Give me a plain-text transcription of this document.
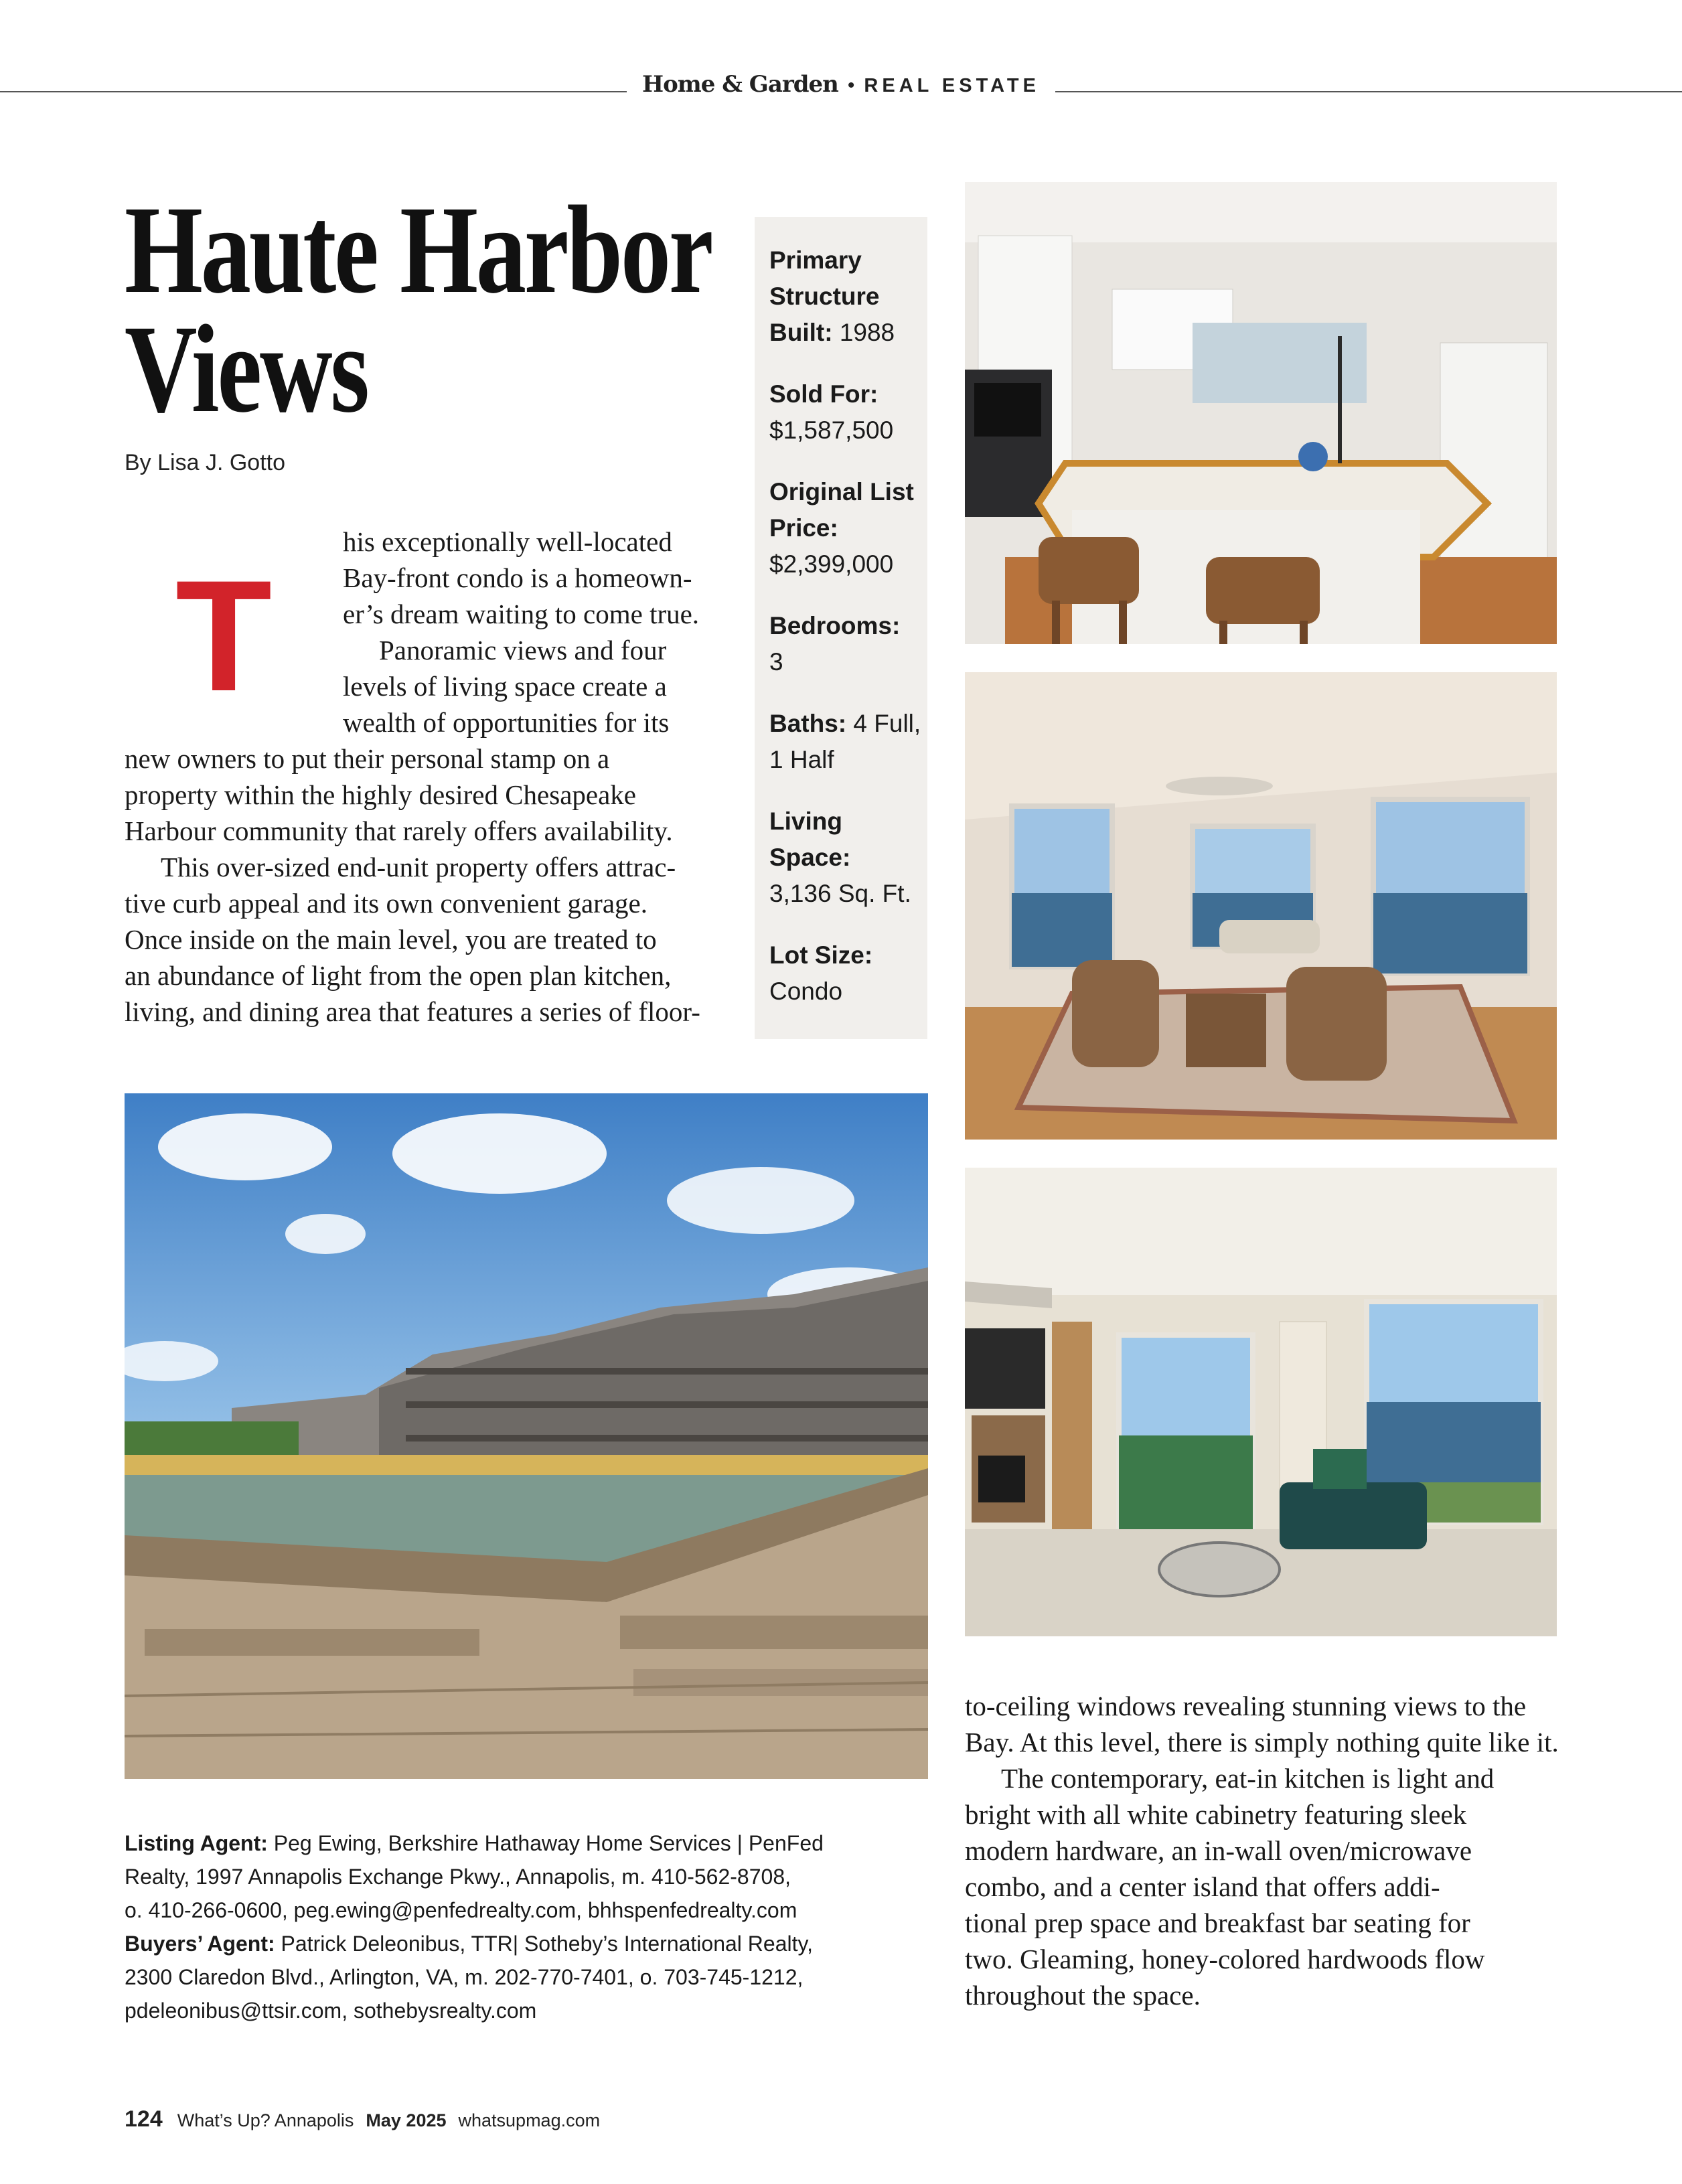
Home & Garden • REAL ESTATE
Haute Harbor
Views
By Lisa J. Gotto
T
his exceptionally well-located
Bay-front condo is a homeown-
er’s dream waiting to come true.
Panoramic views and four
levels of living space create a
wealth of opportunities for its
new owners to put their personal stamp on a
property within the highly desired Chesapeake
Harbour community that rarely offers availability.
This over-sized end-unit property offers attrac-
tive curb appeal and its own convenient garage.
Once inside on the main level, you are treated to
an abundance of light from the open plan kitchen,
living, and dining area that features a series of floor-
Primary Structure Built: 1988
Sold For:
$1,587,500
Original List Price:
$2,399,000
Bedrooms:
3
Baths: 4 Full, 1 Half
Living Space:
3,136 Sq. Ft.
Lot Size:
Condo
to-ceiling windows revealing stunning views to the
Bay. At this level, there is simply nothing quite like it.
The contemporary, eat-in kitchen is light and
bright with all white cabinetry featuring sleek
modern hardware, an in-wall oven/microwave
combo, and a center island that offers addi-
tional prep space and breakfast bar seating for
two. Gleaming, honey-colored hardwoods flow
throughout the space.
Listing Agent: Peg Ewing, Berkshire Hathaway Home Services | PenFed
Realty, 1997 Annapolis Exchange Pkwy., Annapolis, m. 410-562-8708,
o. 410-266-0600, peg.ewing@penfedrealty.com, bhhspenfedrealty.com
Buyers’ Agent: Patrick Deleonibus, TTR| Sotheby’s International Realty,
2300 Claredon Blvd., Arlington, VA, m. 202-770-7401, o. 703-745-1212,
pdeleonibus@ttsir.com, sothebysrealty.com
124 What’s Up? Annapolis May 2025 whatsupmag.com
